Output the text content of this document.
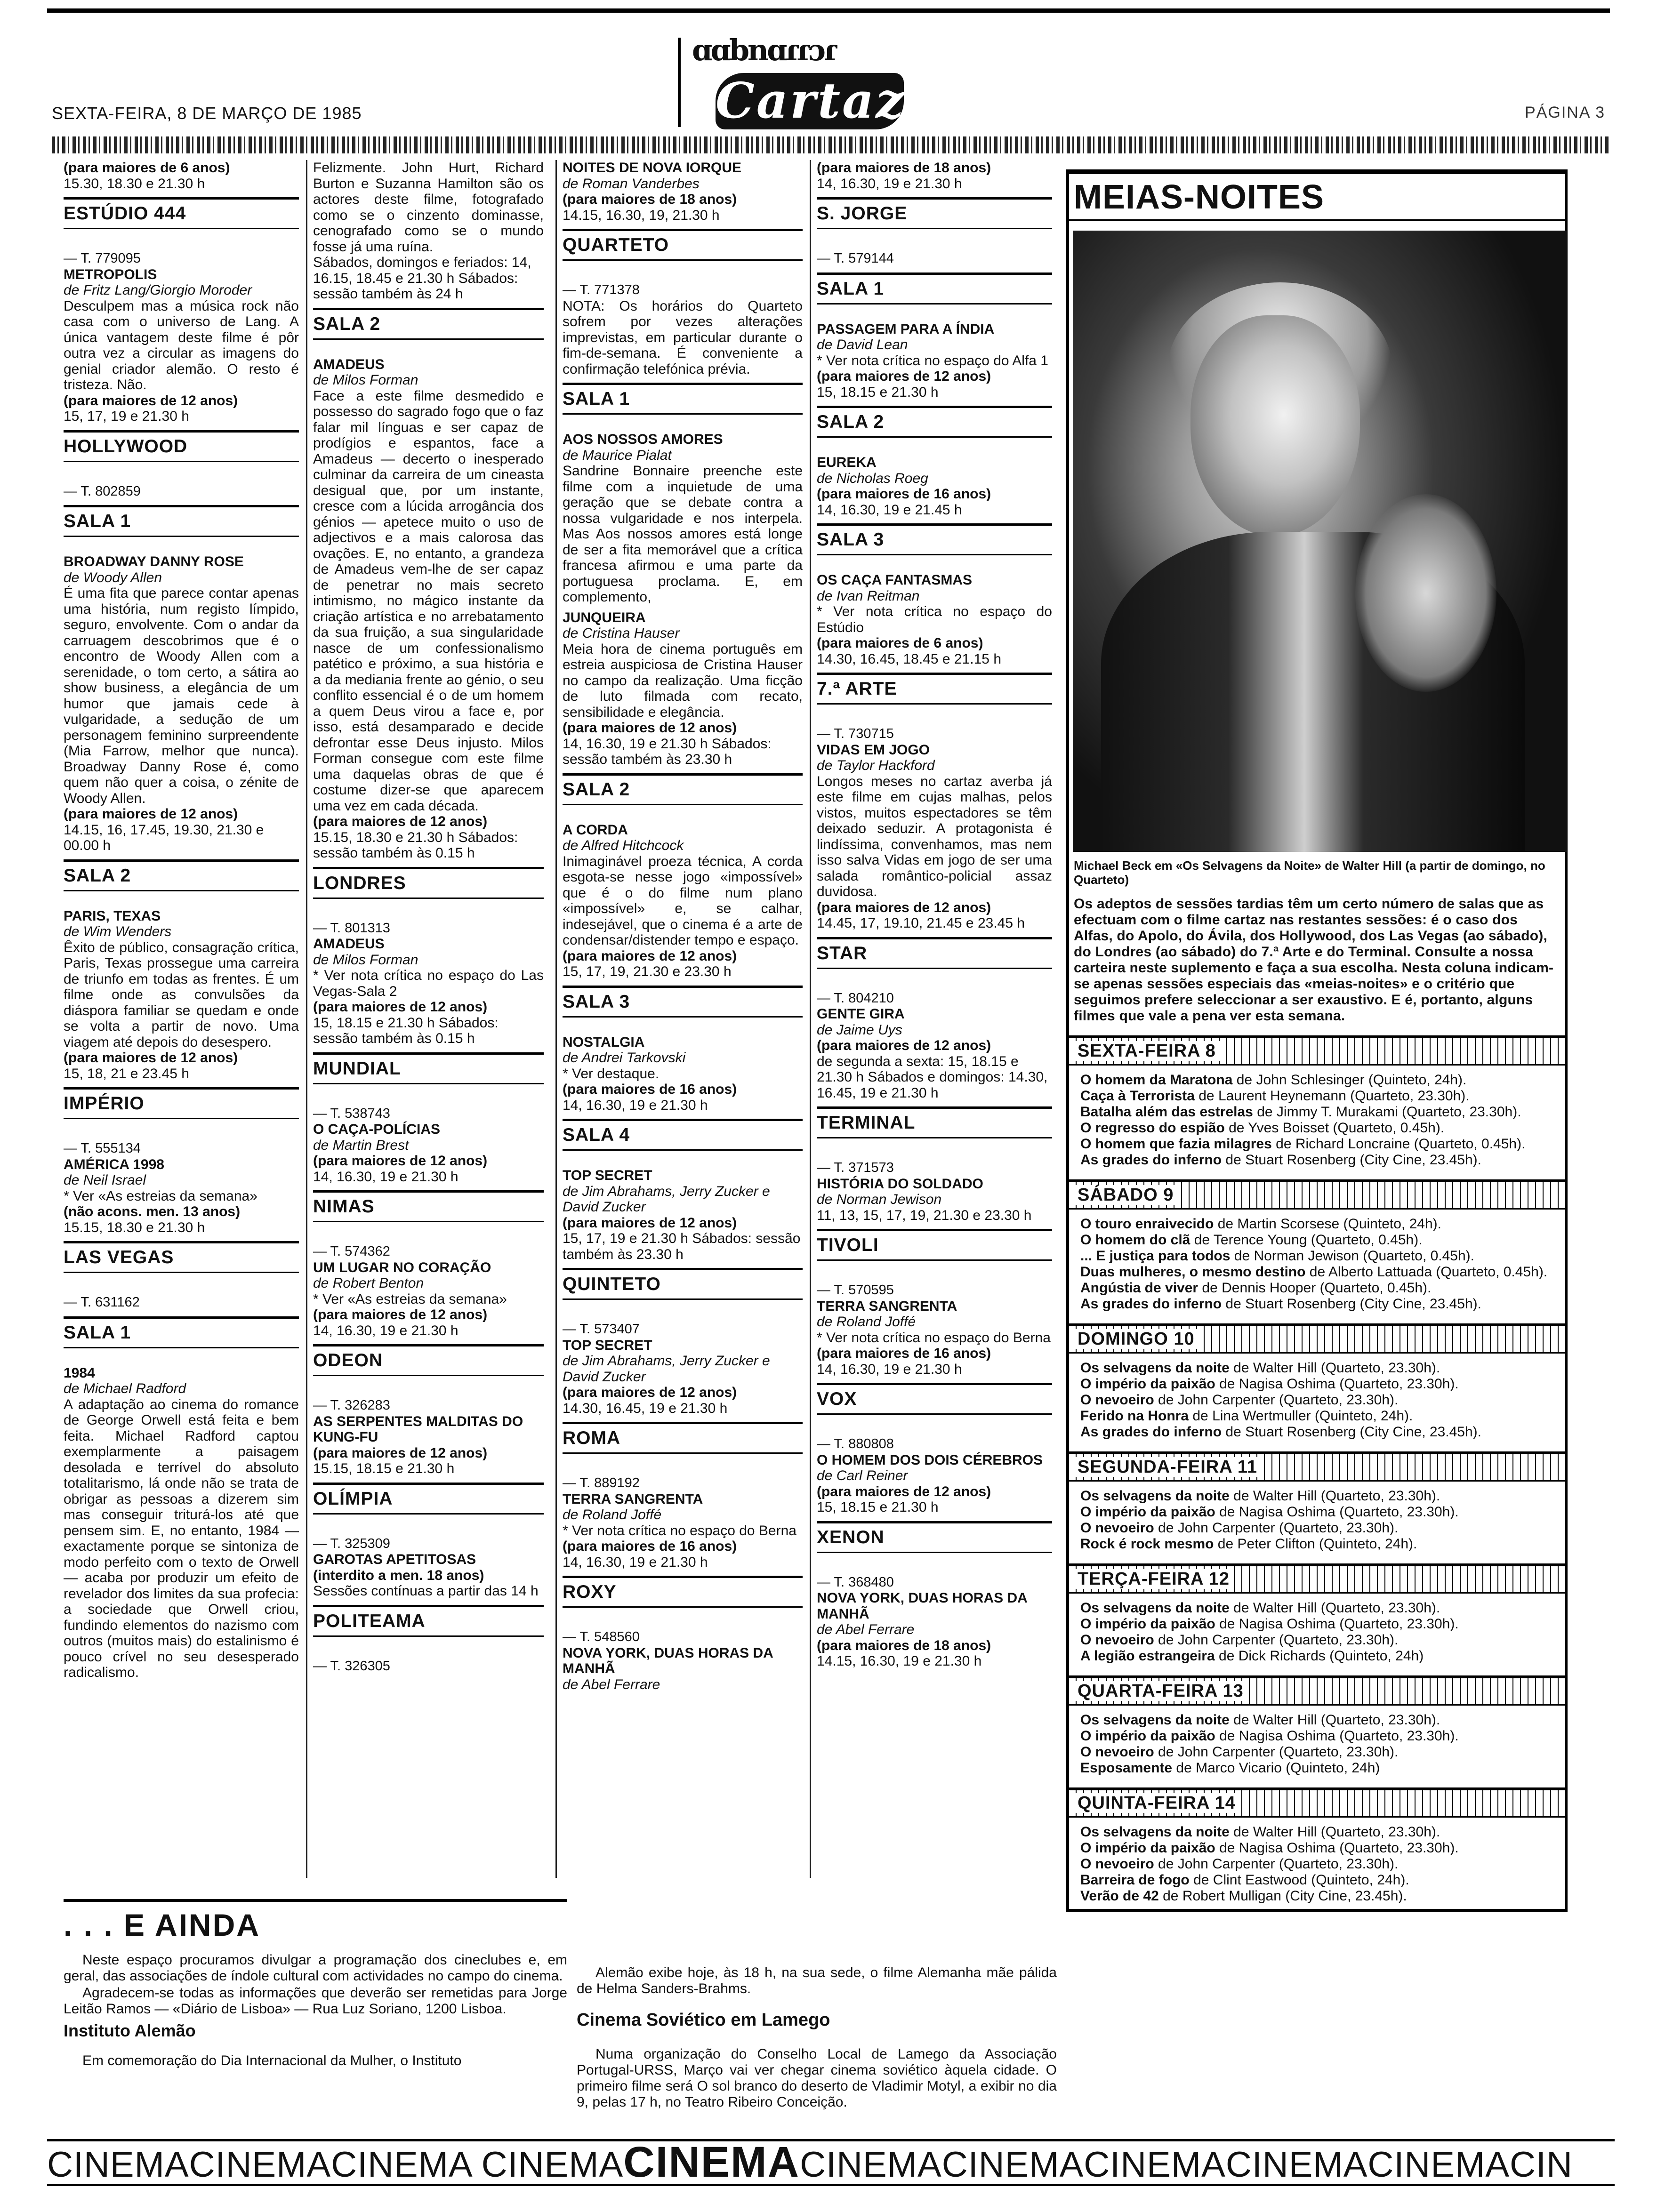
SEXTA-FEIRA, 8 DE MARÇO DE 1985
ɑɑbnɑɾɾɔɾ
Cartaz	PÁGINA 3
(para maiores de 6 anos)
15.30, 18.30 e 21.30 h
ESTÚDIO 444
— T. 779095
METROPOLIS
de Fritz Lang/Giorgio Moroder
Desculpem mas a música rock não casa com o universo de Lang. A única vantagem deste filme é pôr outra vez a circular as imagens do genial criador alemão. O resto é tristeza. Não.
(para maiores de 12 anos)
15, 17, 19 e 21.30 h
HOLLYWOOD
— T. 802859
SALA 1
BROADWAY DANNY ROSE
de Woody Allen
É uma fita que parece contar apenas uma história, num registo límpido, seguro, envolvente. Com o andar da carruagem descobrimos que é o encontro de Woody Allen com a serenidade, o tom certo, a sátira ao show business, a elegância de um humor que jamais cede à vulgaridade, a sedução de um personagem feminino surpreendente (Mia Farrow, melhor que nunca). Broadway Danny Rose é, como quem não quer a coisa, o zénite de Woody Allen.
(para maiores de 12 anos)
14.15, 16, 17.45, 19.30, 21.30 e 00.00 h
SALA 2
PARIS, TEXAS
de Wim Wenders
Êxito de público, consagração crítica, Paris, Texas prossegue uma carreira de triunfo em todas as frentes. É um filme onde as convulsões da diáspora familiar se quedam e onde se volta a partir de novo. Uma viagem até depois do desespero.
(para maiores de 12 anos)
15, 18, 21 e 23.45 h
IMPÉRIO
— T. 555134
AMÉRICA 1998
de Neil Israel
* Ver «As estreias da semana»
(não acons. men. 13 anos)
15.15, 18.30 e 21.30 h
LAS VEGAS
— T. 631162
SALA 1
1984
de Michael Radford
A adaptação ao cinema do romance de George Orwell está feita e bem feita. Michael Radford captou exemplarmente a paisagem desolada e terrível do absoluto totalitarismo, lá onde não se trata de obrigar as pessoas a dizerem sim mas conseguir triturá-los até que pensem sim. E, no entanto, 1984 — exactamente porque se sintoniza de modo perfeito com o texto de Orwell — acaba por produzir um efeito de revelador dos limites da sua profecia: a sociedade que Orwell criou, fundindo elementos do nazismo com outros (muitos mais) do estalinismo é pouco crível no seu desesperado radicalismo.
Felizmente. John Hurt, Richard Burton e Suzanna Hamilton são os actores deste filme, fotografado como se o cinzento dominasse, cenografado como se o mundo fosse já uma ruína.
Sábados, domingos e feriados: 14, 16.15, 18.45 e 21.30 h Sábados: sessão também às 24 h
SALA 2
AMADEUS
de Milos Forman
Face a este filme desmedido e possesso do sagrado fogo que o faz falar mil línguas e ser capaz de prodígios e espantos, face a Amadeus — decerto o inesperado culminar da carreira de um cineasta desigual que, por um instante, cresce com a lúcida arrogância dos génios — apetece muito o uso de adjectivos e a mais calorosa das ovações. E, no entanto, a grandeza de Amadeus vem-lhe de ser capaz de penetrar no mais secreto intimismo, no mágico instante da criação artística e no arrebatamento da sua fruição, a sua singularidade nasce de um confessionalismo patético e próximo, a sua história e a da mediania frente ao génio, o seu conflito essencial é o de um homem a quem Deus virou a face e, por isso, está desamparado e decide defrontar esse Deus injusto. Milos Forman consegue com este filme uma daquelas obras de que é costume dizer-se que aparecem uma vez em cada década.
(para maiores de 12 anos)
15.15, 18.30 e 21.30 h Sábados: sessão também às 0.15 h
LONDRES
— T. 801313
AMADEUS
de Milos Forman
* Ver nota crítica no espaço do Las Vegas-Sala 2
(para maiores de 12 anos)
15, 18.15 e 21.30 h Sábados: sessão também às 0.15 h
MUNDIAL
— T. 538743
O CAÇA-POLÍCIAS
de Martin Brest
(para maiores de 12 anos)
14, 16.30, 19 e 21.30 h
NIMAS
— T. 574362
UM LUGAR NO CORAÇÃO
de Robert Benton
* Ver «As estreias da semana»
(para maiores de 12 anos)
14, 16.30, 19 e 21.30 h
ODEON
— T. 326283
AS SERPENTES MALDITAS DO KUNG-FU
(para maiores de 12 anos)
15.15, 18.15 e 21.30 h
OLÍMPIA
— T. 325309
GAROTAS APETITOSAS
(interdito a men. 18 anos)
Sessões contínuas a partir das 14 h
POLITEAMA
— T. 326305
NOITES DE NOVA IORQUE
de Roman Vanderbes
(para maiores de 18 anos)
14.15, 16.30, 19, 21.30 h
QUARTETO
— T. 771378
NOTA: Os horários do Quarteto sofrem por vezes alterações imprevistas, em particular durante o fim-de-semana. É conveniente a confirmação telefónica prévia.
SALA 1
AOS NOSSOS AMORES
de Maurice Pialat
Sandrine Bonnaire preenche este filme com a inquietude de uma geração que se debate contra a nossa vulgaridade e nos interpela. Mas Aos nossos amores está longe de ser a fita memorável que a crítica francesa afirmou e uma parte da portuguesa proclama. E, em complemento,
JUNQUEIRA
de Cristina Hauser
Meia hora de cinema português em estreia auspiciosa de Cristina Hauser no campo da realização. Uma ficção de luto filmada com recato, sensibilidade e elegância.
(para maiores de 12 anos)
14, 16.30, 19 e 21.30 h Sábados: sessão também às 23.30 h
SALA 2
A CORDA
de Alfred Hitchcock
Inimaginável proeza técnica, A corda esgota-se nesse jogo «impossível» que é o do filme num plano «impossível» e, se calhar, indesejável, que o cinema é a arte de condensar/distender tempo e espaço.
(para maiores de 12 anos)
15, 17, 19, 21.30 e 23.30 h
SALA 3
NOSTALGIA
de Andrei Tarkovski
* Ver destaque.
(para maiores de 16 anos)
14, 16.30, 19 e 21.30 h
SALA 4
TOP SECRET
de Jim Abrahams, Jerry Zucker e David Zucker
(para maiores de 12 anos)
15, 17, 19 e 21.30 h Sábados: sessão também às 23.30 h
QUINTETO
— T. 573407
TOP SECRET
de Jim Abrahams, Jerry Zucker e David Zucker
(para maiores de 12 anos)
14.30, 16.45, 19 e 21.30 h
ROMA
— T. 889192
TERRA SANGRENTA
de Roland Joffé
* Ver nota crítica no espaço do Berna
(para maiores de 16 anos)
14, 16.30, 19 e 21.30 h
ROXY
— T. 548560
NOVA YORK, DUAS HORAS DA MANHÃ
de Abel Ferrare
(para maiores de 18 anos)
14, 16.30, 19 e 21.30 h
S. JORGE
— T. 579144
SALA 1
PASSAGEM PARA A ÍNDIA
de David Lean
* Ver nota crítica no espaço do Alfa 1
(para maiores de 12 anos)
15, 18.15 e 21.30 h
SALA 2
EUREKA
de Nicholas Roeg
(para maiores de 16 anos)
14, 16.30, 19 e 21.45 h
SALA 3
OS CAÇA FANTASMAS
de Ivan Reitman
* Ver nota crítica no espaço do Estúdio
(para maiores de 6 anos)
14.30, 16.45, 18.45 e 21.15 h
7.ª ARTE
— T. 730715
VIDAS EM JOGO
de Taylor Hackford
Longos meses no cartaz averba já este filme em cujas malhas, pelos vistos, muitos espectadores se têm deixado seduzir. A protagonista é lindíssima, convenhamos, mas nem isso salva Vidas em jogo de ser uma salada romântico-policial assaz duvidosa.
(para maiores de 12 anos)
14.45, 17, 19.10, 21.45 e 23.45 h
STAR
— T. 804210
GENTE GIRA
de Jaime Uys
(para maiores de 12 anos)
de segunda a sexta: 15, 18.15 e 21.30 h Sábados e domingos: 14.30, 16.45, 19 e 21.30 h
TERMINAL
— T. 371573
HISTÓRIA DO SOLDADO
de Norman Jewison
11, 13, 15, 17, 19, 21.30 e 23.30 h
TIVOLI
— T. 570595
TERRA SANGRENTA
de Roland Joffé
* Ver nota crítica no espaço do Berna
(para maiores de 16 anos)
14, 16.30, 19 e 21.30 h
VOX
— T. 880808
O HOMEM DOS DOIS CÉREBROS
de Carl Reiner
(para maiores de 12 anos)
15, 18.15 e 21.30 h
XENON
— T. 368480
NOVA YORK, DUAS HORAS DA MANHÃ
de Abel Ferrare
(para maiores de 18 anos)
14.15, 16.30, 19 e 21.30 h
MEIAS-NOITES
Michael Beck em «Os Selvagens da Noite» de Walter Hill (a partir de domingo, no Quarteto)
Os adeptos de sessões tardias têm um certo número de salas que as efectuam com o filme cartaz nas restantes sessões: é o caso dos Alfas, do Apolo, do Ávila, dos Hollywood, dos Las Vegas (ao sábado), do Londres (ao sábado) do 7.ª Arte e do Terminal. Consulte a nossa carteira neste suplemento e faça a sua escolha. Nesta coluna indicam-se apenas sessões especiais das «meias-noites» e o critério que seguimos prefere seleccionar a ser exaustivo. E é, portanto, alguns filmes que vale a pena ver esta semana.
SEXTA-FEIRA 8
O homem da Maratona de John Schlesinger (Quinteto, 24h).
Caça à Terrorista de Laurent Heynemann (Quarteto, 23.30h).
Batalha além das estrelas de Jimmy T. Murakami (Quarteto, 23.30h).
O regresso do espião de Yves Boisset (Quarteto, 0.45h).
O homem que fazia milagres de Richard Loncraine (Quarteto, 0.45h).
As grades do inferno de Stuart Rosenberg (City Cine, 23.45h).
SÁBADO 9
O touro enraivecido de Martin Scorsese (Quinteto, 24h).
O homem do clã de Terence Young (Quarteto, 0.45h).
... E justiça para todos de Norman Jewison (Quarteto, 0.45h).
Duas mulheres, o mesmo destino de Alberto Lattuada (Quarteto, 0.45h).
Angústia de viver de Dennis Hooper (Quarteto, 0.45h).
As grades do inferno de Stuart Rosenberg (City Cine, 23.45h).
DOMINGO 10
Os selvagens da noite de Walter Hill (Quarteto, 23.30h).
O império da paixão de Nagisa Oshima (Quarteto, 23.30h).
O nevoeiro de John Carpenter (Quarteto, 23.30h).
Ferido na Honra de Lina Wertmuller (Quinteto, 24h).
As grades do inferno de Stuart Rosenberg (City Cine, 23.45h).
SEGUNDA-FEIRA 11
Os selvagens da noite de Walter Hill (Quarteto, 23.30h).
O império da paixão de Nagisa Oshima (Quarteto, 23.30h).
O nevoeiro de John Carpenter (Quarteto, 23.30h).
Rock é rock mesmo de Peter Clifton (Quinteto, 24h).
TERÇA-FEIRA 12
Os selvagens da noite de Walter Hill (Quarteto, 23.30h).
O império da paixão de Nagisa Oshima (Quarteto, 23.30h).
O nevoeiro de John Carpenter (Quarteto, 23.30h).
A legião estrangeira de Dick Richards (Quinteto, 24h)
QUARTA-FEIRA 13
Os selvagens da noite de Walter Hill (Quarteto, 23.30h).
O império da paixão de Nagisa Oshima (Quarteto, 23.30h).
O nevoeiro de John Carpenter (Quarteto, 23.30h).
Esposamente de Marco Vicario (Quinteto, 24h)
QUINTA-FEIRA 14
Os selvagens da noite de Walter Hill (Quarteto, 23.30h).
O império da paixão de Nagisa Oshima (Quarteto, 23.30h).
O nevoeiro de John Carpenter (Quarteto, 23.30h).
Barreira de fogo de Clint Eastwood (Quinteto, 24h).
Verão de 42 de Robert Mulligan (City Cine, 23.45h).
. . . E AINDA

Neste espaço procuramos divulgar a programação dos cineclubes e, em geral, das associações de índole cultural com actividades no campo do cinema.

Agradecem-se todas as informações que deverão ser remetidas para Jorge Leitão Ramos — «Diário de Lisboa» — Rua Luz Soriano, 1200 Lisboa.

Instituto Alemão

Em comemoração do Dia Internacional da Mulher, o Instituto

Alemão exibe hoje, às 18 h, na sua sede, o filme Alemanha mãe pálida de Helma Sanders-Brahms.

Cinema Soviético em Lamego

Numa organização do Conselho Local de Lamego da Associação Portugal-URSS, Março vai ver chegar cinema soviético àquela cidade. O primeiro filme será O sol branco do deserto de Vladimir Motyl, a exibir no dia 9, pelas 17 h, no Teatro Ribeiro Conceição.

CINEMACINEMACINEMA CINEMACINEMACINEMACINEMACINEMACINEMACINEMACIN
